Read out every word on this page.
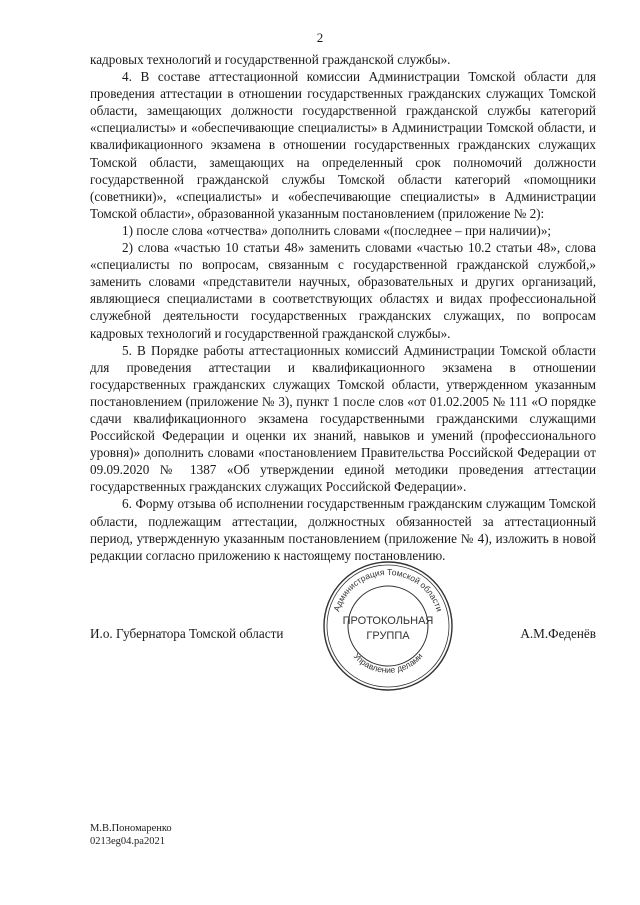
2

кадровых технологий и государственной гражданской службы».

4. В составе аттестационной комиссии Администрации Томской области для проведения аттестации в отношении государственных гражданских служащих Томской области, замещающих должности государственной гражданской службы категорий «специалисты» и «обеспечивающие специалисты» в Администрации Томской области, и квалификационного экзамена в отношении государственных гражданских служащих Томской области, замещающих на определенный срок полномочий должности государственной гражданской службы Томской области категорий «помощники (советники)», «специалисты» и «обеспечивающие специалисты» в Администрации Томской области», образованной указанным постановлением (приложение № 2):

1) после слова «отчества» дополнить словами «(последнее – при наличии)»;

2) слова «частью 10 статьи 48» заменить словами «частью 10.2 статьи 48», слова «специалисты по вопросам, связанным с государственной гражданской службой,» заменить словами «представители научных, образовательных и других организаций, являющиеся специалистами в соответствующих областях и видах профессиональной служебной деятельности государственных гражданских служащих, по вопросам кадровых технологий и государственной гражданской службы».

5. В Порядке работы аттестационных комиссий Администрации Томской области для проведения аттестации и квалификационного экзамена в отношении государственных гражданских служащих Томской области, утвержденном указанным постановлением (приложение № 3), пункт 1 после слов «от 01.02.2005 № 111 «О порядке сдачи квалификационного экзамена государственными гражданскими служащими Российской Федерации и оценки их знаний, навыков и умений (профессионального уровня)» дополнить словами «постановлением Правительства Российской Федерации от 09.09.2020 № 1387 «Об утверждении единой методики проведения аттестации государственных гражданских служащих Российской Федерации».

6. Форму отзыва об исполнении государственным гражданским служащим Томской области, подлежащим аттестации, должностных обязанностей за аттестационный период, утвержденную указанным постановлением (приложение № 4), изложить в новой редакции согласно приложению к настоящему постановлению.

И.о. Губернатора Томской области	А.М.Феденёв
Администрация Томской области
ПРОТОКОЛЬНАЯ
ГРУППА
Управление делами
М.В.Пономаренко
0213eg04.ра2021
